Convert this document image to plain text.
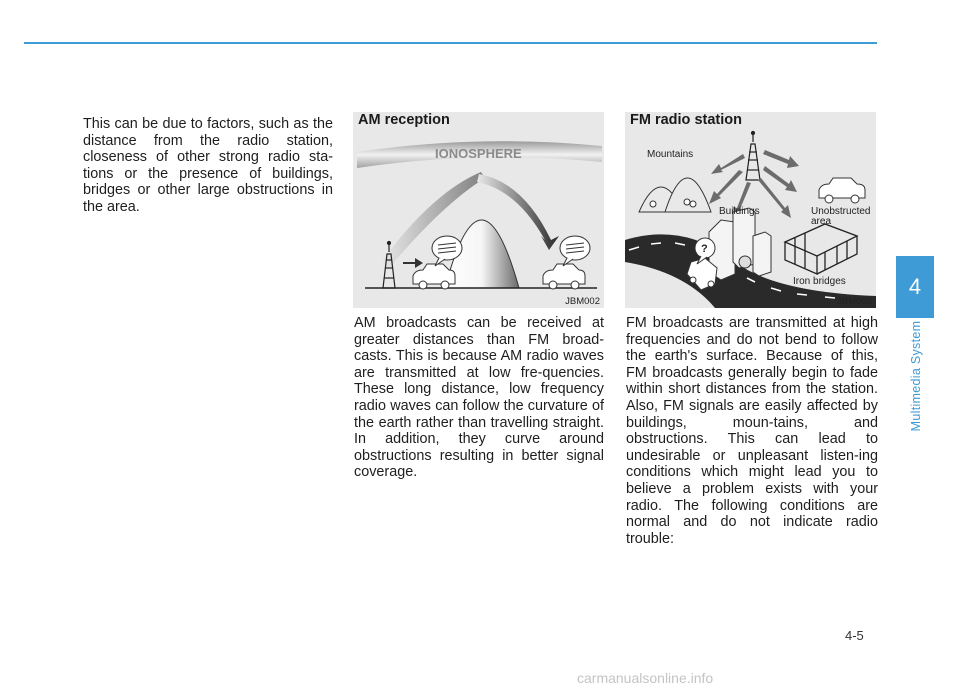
This can be due to factors, such as the distance from the radio station, closeness of other strong radio sta-tions or the presence of buildings, bridges or other large obstructions in the area.

IONOSPHERE
AM reception
JBM002

AM broadcasts can be received at greater distances than FM broad-casts. This is because AM radio waves are transmitted at low fre-quencies. These long distance, low frequency radio waves can follow the curvature of the earth rather than travelling straight. In addition, they curve around obstructions resulting in better signal coverage.

?
Mountains
Buildings	Unobstructed
area
Iron bridges
FM radio station
JBM003

FM broadcasts are transmitted at high frequencies and do not bend to follow the earth's surface. Because of this, FM broadcasts generally begin to fade within short distances from the station. Also, FM signals are easily affected by buildings, moun-tains, and obstructions. This can lead to undesirable or unpleasant listen-ing conditions which might lead you to believe a problem exists with your radio. The following conditions are normal and do not indicate radio trouble:

4
Multimedia System
4-5
carmanualsonline.info
